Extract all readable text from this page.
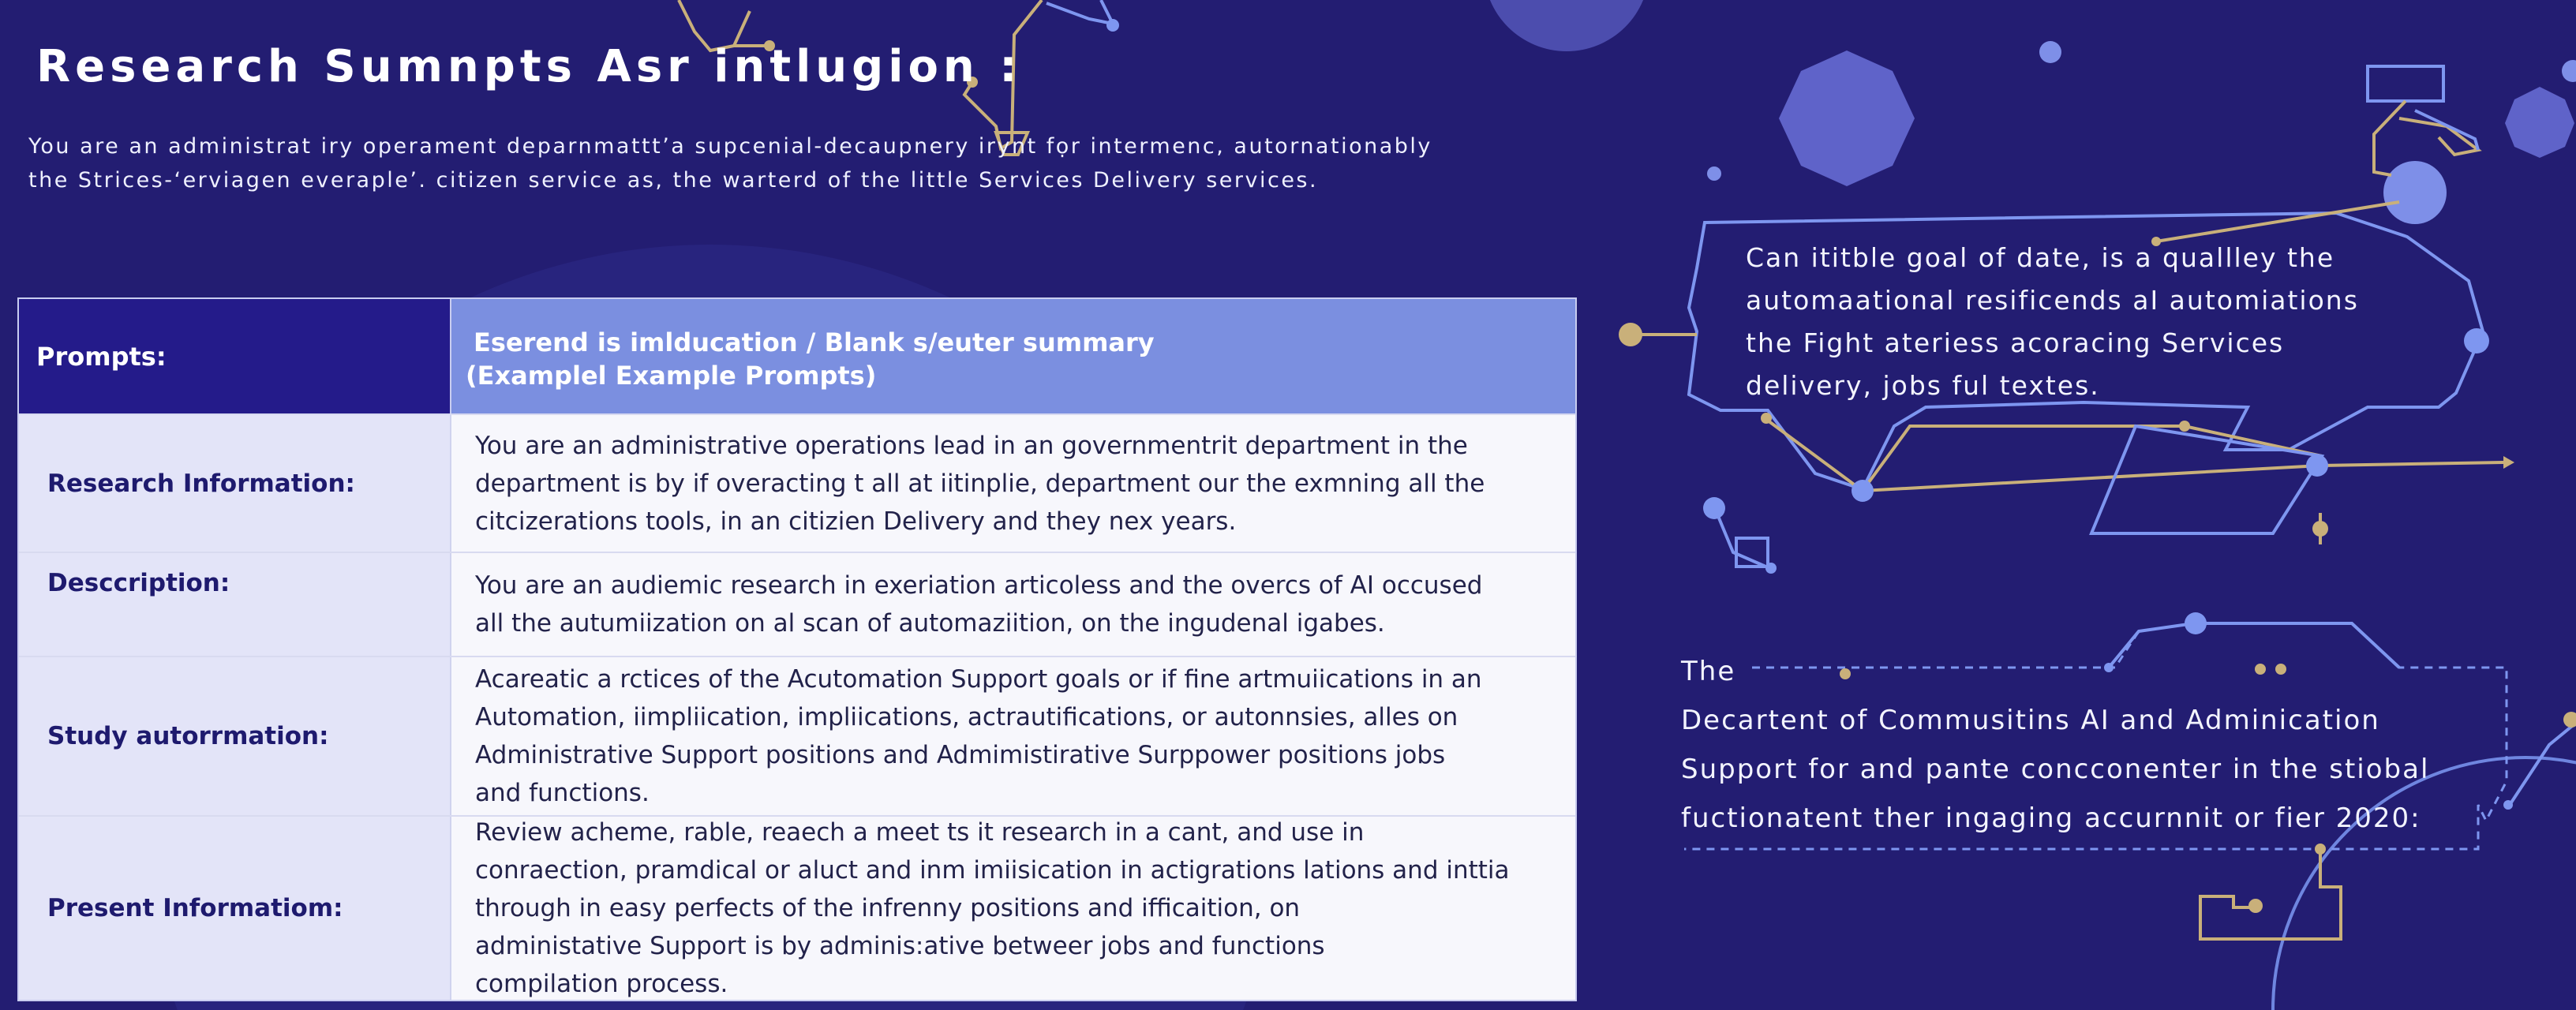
Research Sumnpts Asr intlugion :
You are an administrat iry operament deparnmattt’a supcenial-decaupnery irynt fọr intermenc, autornationably
the Strices-‘erviagen everaple’. citizen service as, the warterd of the little Services Delivery services.
Prompts:	Eserend is imlducation / Blank s/euter summary
(Examplel Example Prompts)
Research Information:

You are an administrative operations lead in an governmentrit department in the

department is by if overacting t all at iitinplie, department our the exmning all the

citcizerations tools, in an citizien Delivery and they nex years.

Desccription:	You are an audiemic research in exeriation articoless and the overcs of AI occused

all the autumiization on al scan of automaziition, on the ingudenal igabes.

Study autorrmation:

Acareatic a rctices of the Acutomation Support goals or if fine artmuiications in an

Automation, iimpliication, impliications, actrautifications, or autonnsies, alles on

Administrative Support positions and Admimistirative Surppower positions jobs

and functions.

Present Informatiom:

Review acheme, rable, reaech a meet ts it research in a cant, and use in

conraection, pramdical or aluct and inm imiisication in actigrations lations and inttia

through in easy perfects of the infrenny positions and ifficaition, on

administative Support is by adminis:ative betweer jobs and functions

compilation process.

Can ititble goal of date, is a quallley the

automaational resificends aI automiations

the Fight ateriess acoracing Services

delivery, jobs ful textes.

The

Decartent of Commusitins AI and Adminication

Support for and pante concconenter in the stiobal

fuctionatent ther ingaging accurnnit or fier 2020:
